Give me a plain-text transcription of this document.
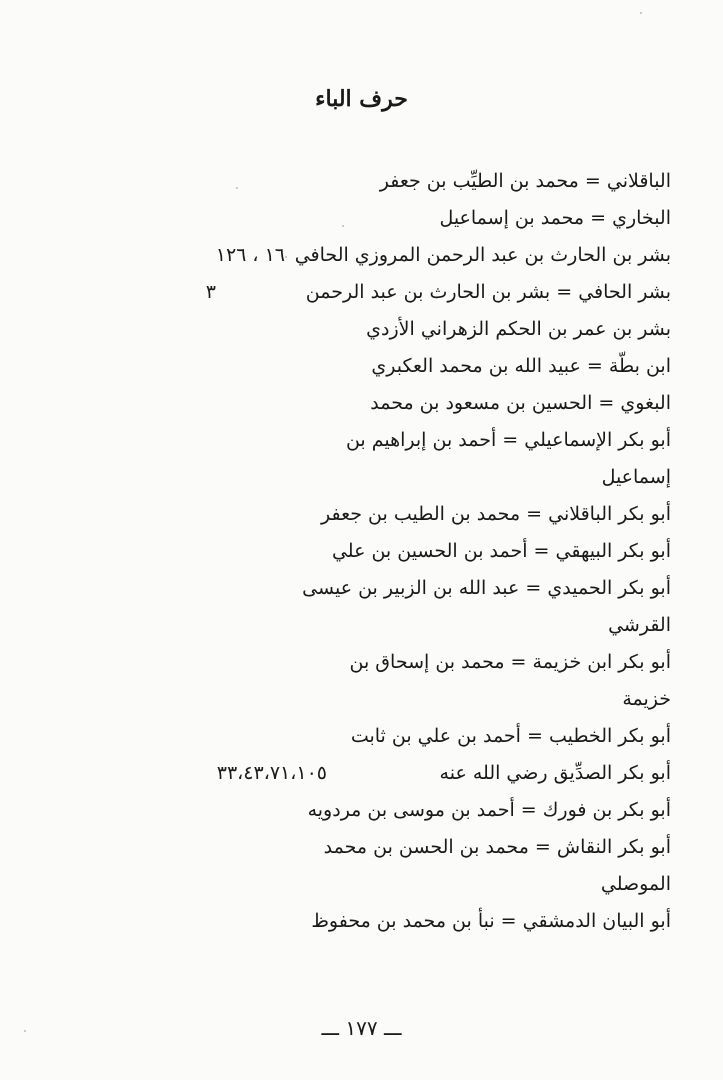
حرف الباء
الباقلاني = محمد بن الطيِّب بن جعفر
البخاري = محمد بن إسماعيل
بشر بن الحارث بن عبد الرحمن المروزي الحافي
١٦ ، ١٢٦
بشر الحافي = بشر بن الحارث بن عبد الرحمن
٣
بشر بن عمر بن الحكم الزهراني الأزدي
ابن بطّة = عبيد الله بن محمد العكبري
البغوي = الحسين بن مسعود بن محمد
أبو بكر الإسماعيلي = أحمد بن إبراهيم بن
إسماعيل
أبو بكر الباقلاني = محمد بن الطيب بن جعفر
أبو بكر البيهقي = أحمد بن الحسين بن علي
أبو بكر الحميدي = عبد الله بن الزبير بن عيسى
القرشي
أبو بكر ابن خزيمة = محمد بن إسحاق بن
خزيمة
أبو بكر الخطيب = أحمد بن علي بن ثابت
أبو بكر الصدِّيق رضي الله عنه
٣٣،٤٣،٧١،١٠٥
أبو بكر بن فورك = أحمد بن موسى بن مردويه
أبو بكر النقاش = محمد بن الحسن بن محمد
الموصلي
أبو البيان الدمشقي = نبأ بن محمد بن محفوظ
ـــ ١٧٧ ـــ
